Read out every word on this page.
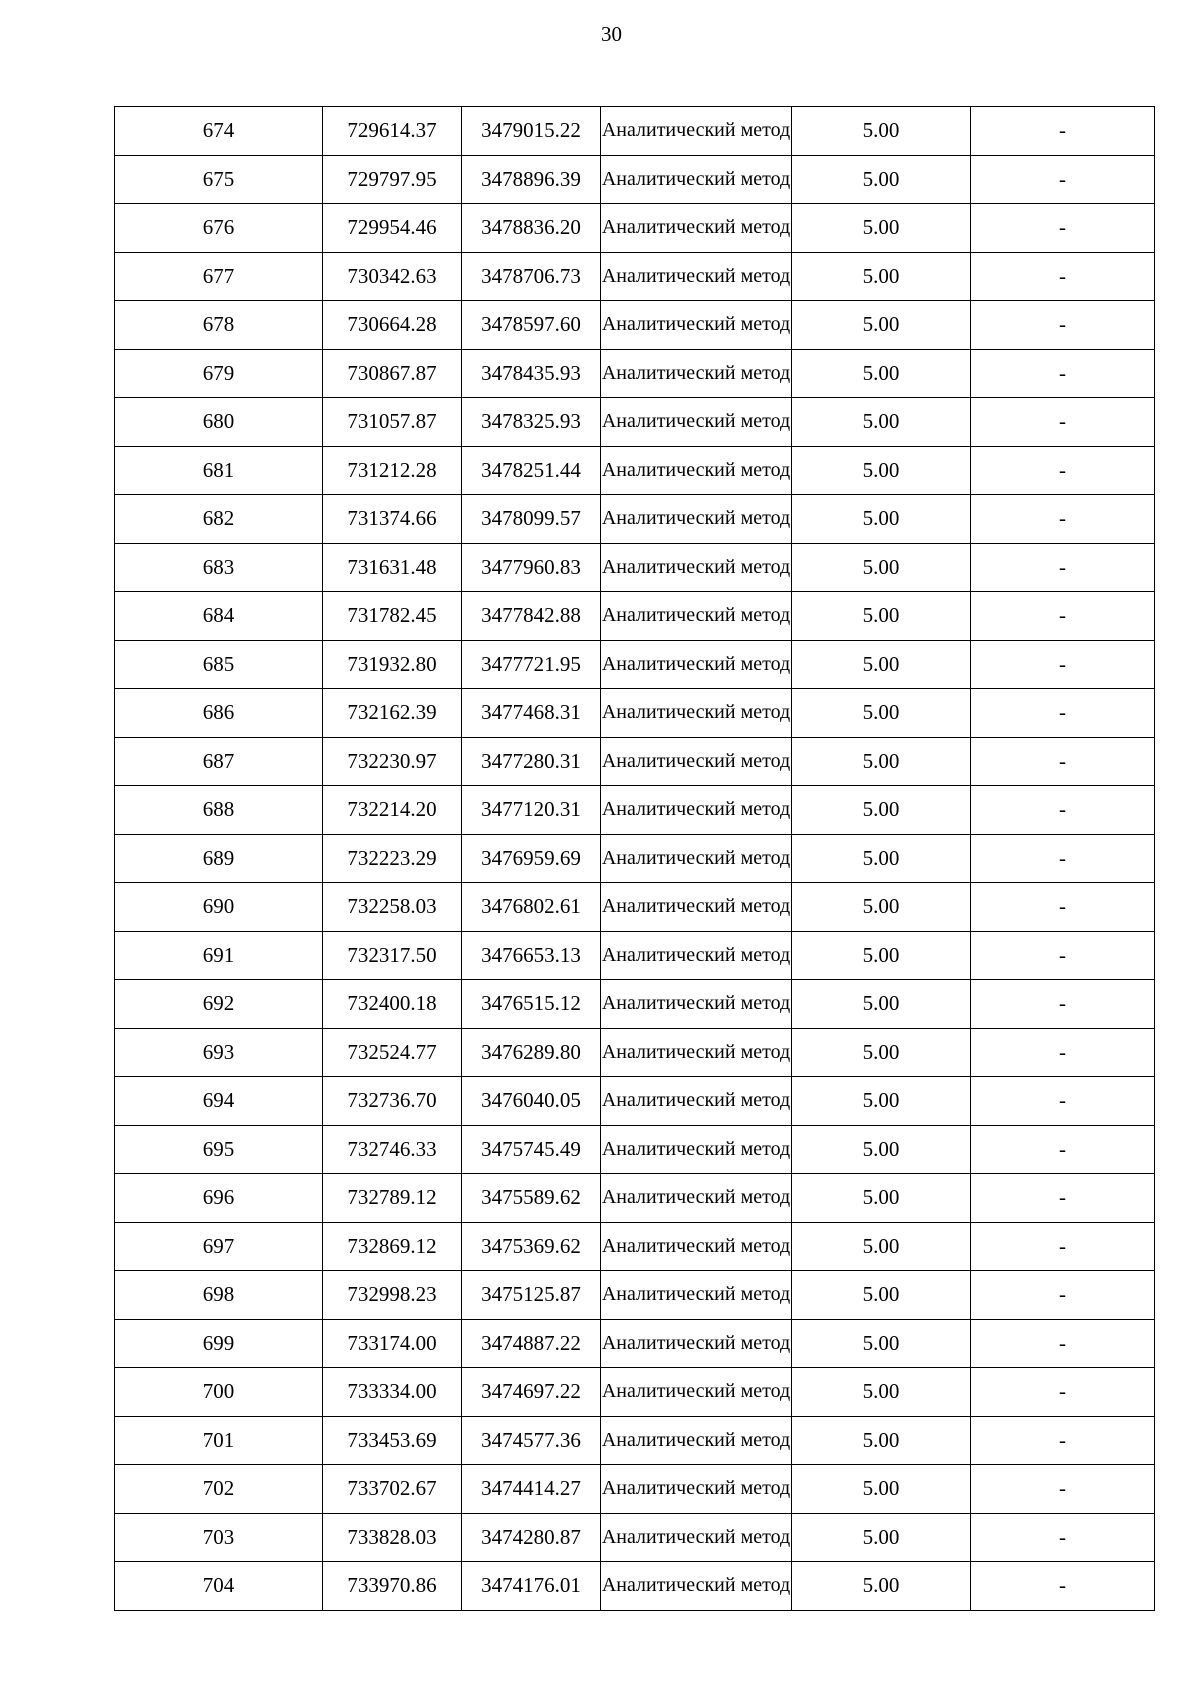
30
674	729614.37	3479015.22	Аналитический метод	5.00	-
675	729797.95	3478896.39	Аналитический метод	5.00	-
676	729954.46	3478836.20	Аналитический метод	5.00	-
677	730342.63	3478706.73	Аналитический метод	5.00	-
678	730664.28	3478597.60	Аналитический метод	5.00	-
679	730867.87	3478435.93	Аналитический метод	5.00	-
680	731057.87	3478325.93	Аналитический метод	5.00	-
681	731212.28	3478251.44	Аналитический метод	5.00	-
682	731374.66	3478099.57	Аналитический метод	5.00	-
683	731631.48	3477960.83	Аналитический метод	5.00	-
684	731782.45	3477842.88	Аналитический метод	5.00	-
685	731932.80	3477721.95	Аналитический метод	5.00	-
686	732162.39	3477468.31	Аналитический метод	5.00	-
687	732230.97	3477280.31	Аналитический метод	5.00	-
688	732214.20	3477120.31	Аналитический метод	5.00	-
689	732223.29	3476959.69	Аналитический метод	5.00	-
690	732258.03	3476802.61	Аналитический метод	5.00	-
691	732317.50	3476653.13	Аналитический метод	5.00	-
692	732400.18	3476515.12	Аналитический метод	5.00	-
693	732524.77	3476289.80	Аналитический метод	5.00	-
694	732736.70	3476040.05	Аналитический метод	5.00	-
695	732746.33	3475745.49	Аналитический метод	5.00	-
696	732789.12	3475589.62	Аналитический метод	5.00	-
697	732869.12	3475369.62	Аналитический метод	5.00	-
698	732998.23	3475125.87	Аналитический метод	5.00	-
699	733174.00	3474887.22	Аналитический метод	5.00	-
700	733334.00	3474697.22	Аналитический метод	5.00	-
701	733453.69	3474577.36	Аналитический метод	5.00	-
702	733702.67	3474414.27	Аналитический метод	5.00	-
703	733828.03	3474280.87	Аналитический метод	5.00	-
704	733970.86	3474176.01	Аналитический метод	5.00	-
